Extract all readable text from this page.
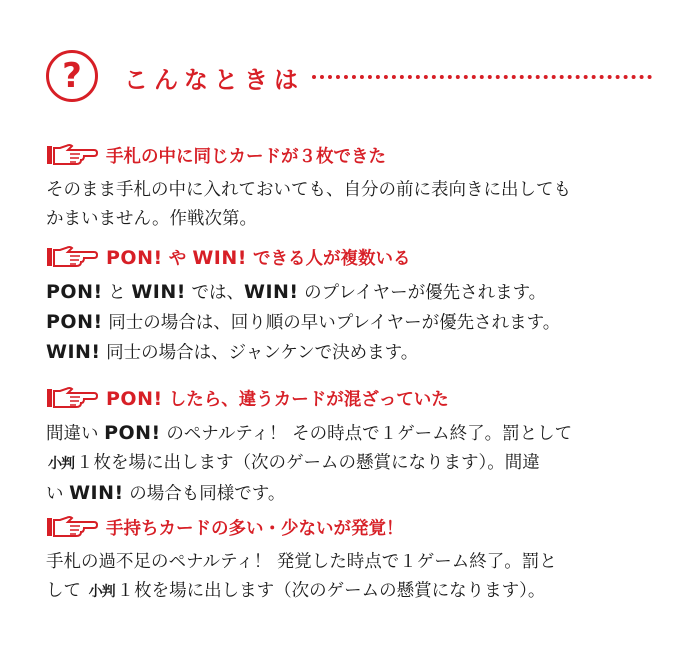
?	こんなときは
手札の中に同じカードが３枚できた
そのまま手札の中に入れておいても、自分の前に表向きに出しても
かまいません。作戦次第。
PON! や WIN! できる人が複数いる
PON! と WIN! では、WIN! のプレイヤーが優先されます。
PON! 同士の場合は、回り順の早いプレイヤーが優先されます。
WIN! 同士の場合は、ジャンケンで決めます。
PON! したら、違うカードが混ざっていた
間違い PON! のペナルティ！ その時点で１ゲーム終了。罰として
小判 １枚を場に出します（次のゲームの懸賞になります）。間違
い WIN! の場合も同様です。
手持ちカードの多い・少ないが発覚！
手札の過不足のペナルティ！ 発覚した時点で１ゲーム終了。罰と
して 小判 １枚を場に出します（次のゲームの懸賞になります）。
